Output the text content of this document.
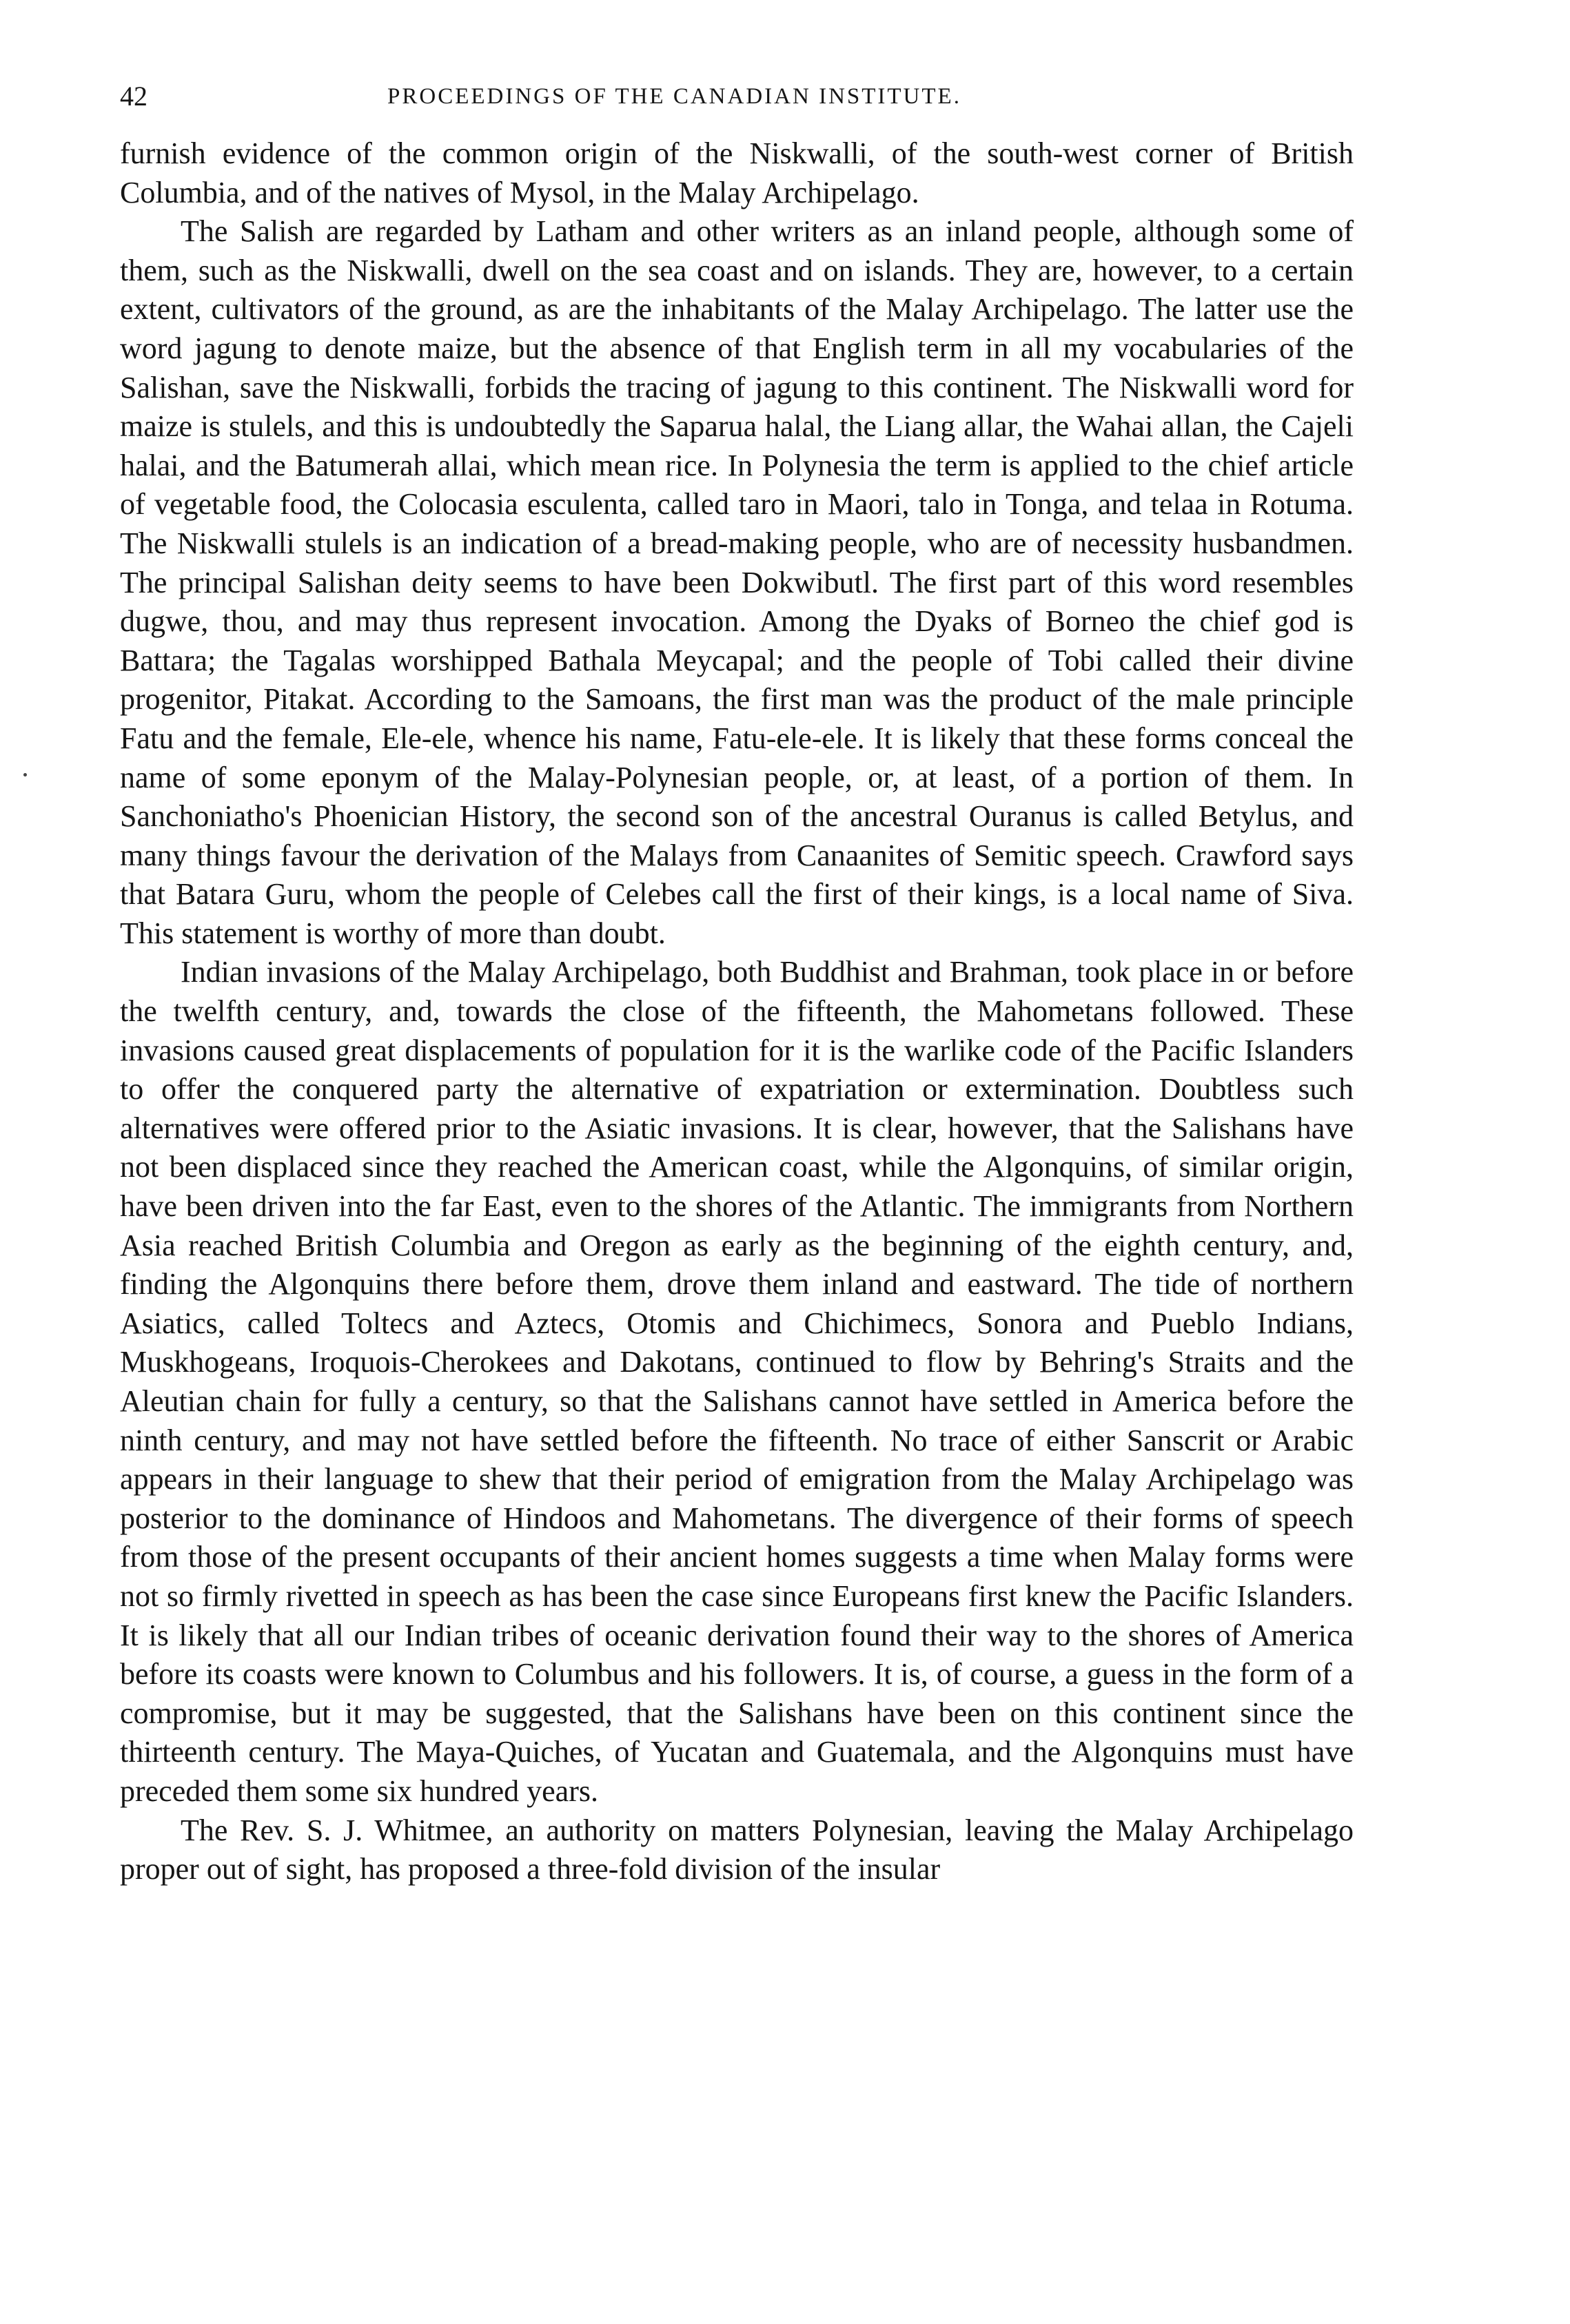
42	PROCEEDINGS OF THE CANADIAN INSTITUTE.

furnish evidence of the common origin of the Niskwalli, of the south-west corner of British Columbia, and of the natives of Mysol, in the Malay Archipelago.

The Salish are regarded by Latham and other writers as an inland people, although some of them, such as the Niskwalli, dwell on the sea coast and on islands. They are, however, to a certain extent, cultivators of the ground, as are the inhabitants of the Malay Archipelago. The latter use the word jagung to denote maize, but the absence of that English term in all my vocabularies of the Salishan, save the Niskwalli, forbids the tracing of jagung to this continent. The Niskwalli word for maize is stulels, and this is undoubtedly the Saparua halal, the Liang allar, the Wahai allan, the Cajeli halai, and the Batumerah allai, which mean rice. In Polynesia the term is applied to the chief article of vegetable food, the Colocasia esculenta, called taro in Maori, talo in Tonga, and telaa in Rotuma. The Niskwalli stulels is an indication of a bread-making people, who are of necessity husbandmen. The principal Salishan deity seems to have been Dokwibutl. The first part of this word resembles dugwe, thou, and may thus represent invocation. Among the Dyaks of Borneo the chief god is Battara; the Tagalas worshipped Bathala Meycapal; and the people of Tobi called their divine progenitor, Pitakat. According to the Samoans, the first man was the product of the male principle Fatu and the female, Ele-ele, whence his name, Fatu-ele-ele. It is likely that these forms conceal the name of some eponym of the Malay-Polynesian people, or, at least, of a portion of them. In Sanchoniatho's Phoenician History, the second son of the ancestral Ouranus is called Betylus, and many things favour the derivation of the Malays from Canaanites of Semitic speech. Crawford says that Batara Guru, whom the people of Celebes call the first of their kings, is a local name of Siva. This statement is worthy of more than doubt.

Indian invasions of the Malay Archipelago, both Buddhist and Brahman, took place in or before the twelfth century, and, towards the close of the fifteenth, the Mahometans followed. These invasions caused great displacements of population for it is the warlike code of the Pacific Islanders to offer the conquered party the alternative of expatriation or extermination. Doubtless such alternatives were offered prior to the Asiatic invasions. It is clear, however, that the Salishans have not been displaced since they reached the American coast, while the Algonquins, of similar origin, have been driven into the far East, even to the shores of the Atlantic. The immigrants from Northern Asia reached British Columbia and Oregon as early as the beginning of the eighth century, and, finding the Algonquins there before them, drove them inland and eastward. The tide of northern Asiatics, called Toltecs and Aztecs, Otomis and Chichimecs, Sonora and Pueblo Indians, Muskhogeans, Iroquois-Cherokees and Dakotans, continued to flow by Behring's Straits and the Aleutian chain for fully a century, so that the Salishans cannot have settled in America before the ninth century, and may not have settled before the fifteenth. No trace of either Sanscrit or Arabic appears in their language to shew that their period of emigration from the Malay Archipelago was posterior to the dominance of Hindoos and Mahometans. The divergence of their forms of speech from those of the present occupants of their ancient homes suggests a time when Malay forms were not so firmly rivetted in speech as has been the case since Europeans first knew the Pacific Islanders. It is likely that all our Indian tribes of oceanic derivation found their way to the shores of America before its coasts were known to Columbus and his followers. It is, of course, a guess in the form of a compromise, but it may be suggested, that the Salishans have been on this continent since the thirteenth century. The Maya-Quiches, of Yucatan and Guatemala, and the Algonquins must have preceded them some six hundred years.

The Rev. S. J. Whitmee, an authority on matters Polynesian, leaving the Malay Archipelago proper out of sight, has proposed a three-fold division of the insular
